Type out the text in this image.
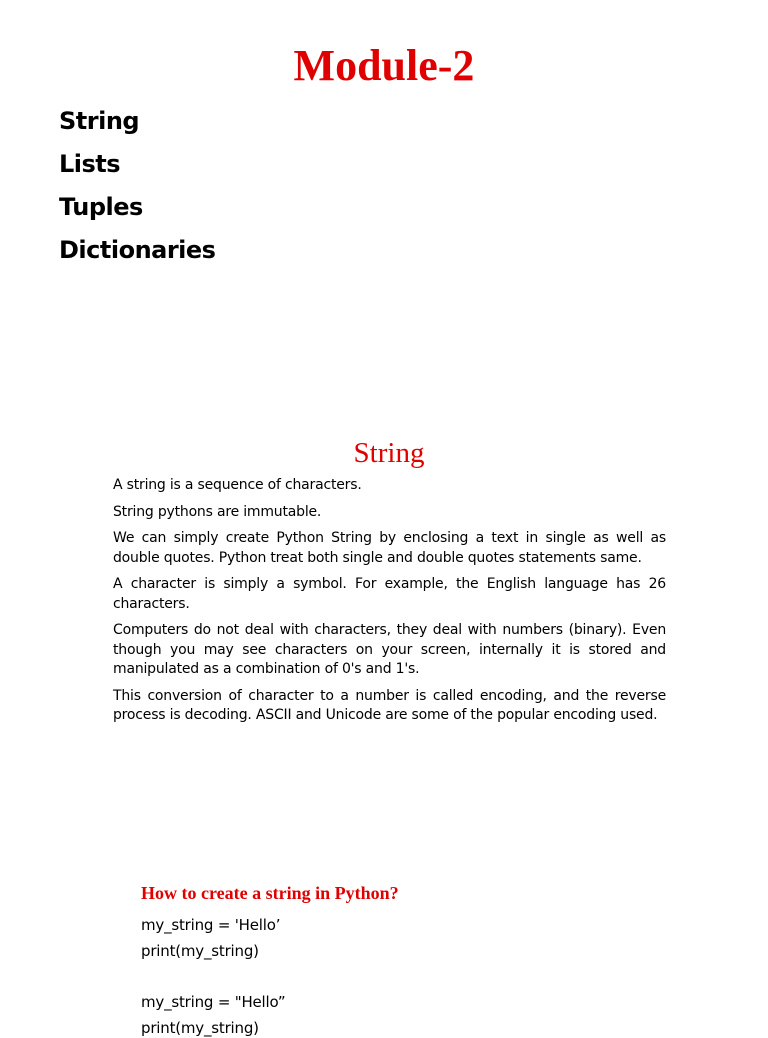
Module-2
String
Lists
Tuples
Dictionaries
String

A string is a sequence of characters.

String pythons are immutable.

We can simply create Python String by enclosing a text in single as well as double quotes. Python treat both single and double quotes statements same.

A character is simply a symbol. For example, the English language has 26 characters.

Computers do not deal with characters, they deal with numbers (binary). Even though you may see characters on your screen, internally it is stored and manipulated as a combination of 0's and 1's.

This conversion of character to a number is called encoding, and the reverse process is decoding. ASCII and Unicode are some of the popular encoding used.

How to create a string in Python?
my_string = 'Hello’
print(my_string)
my_string = "Hello”
print(my_string)
